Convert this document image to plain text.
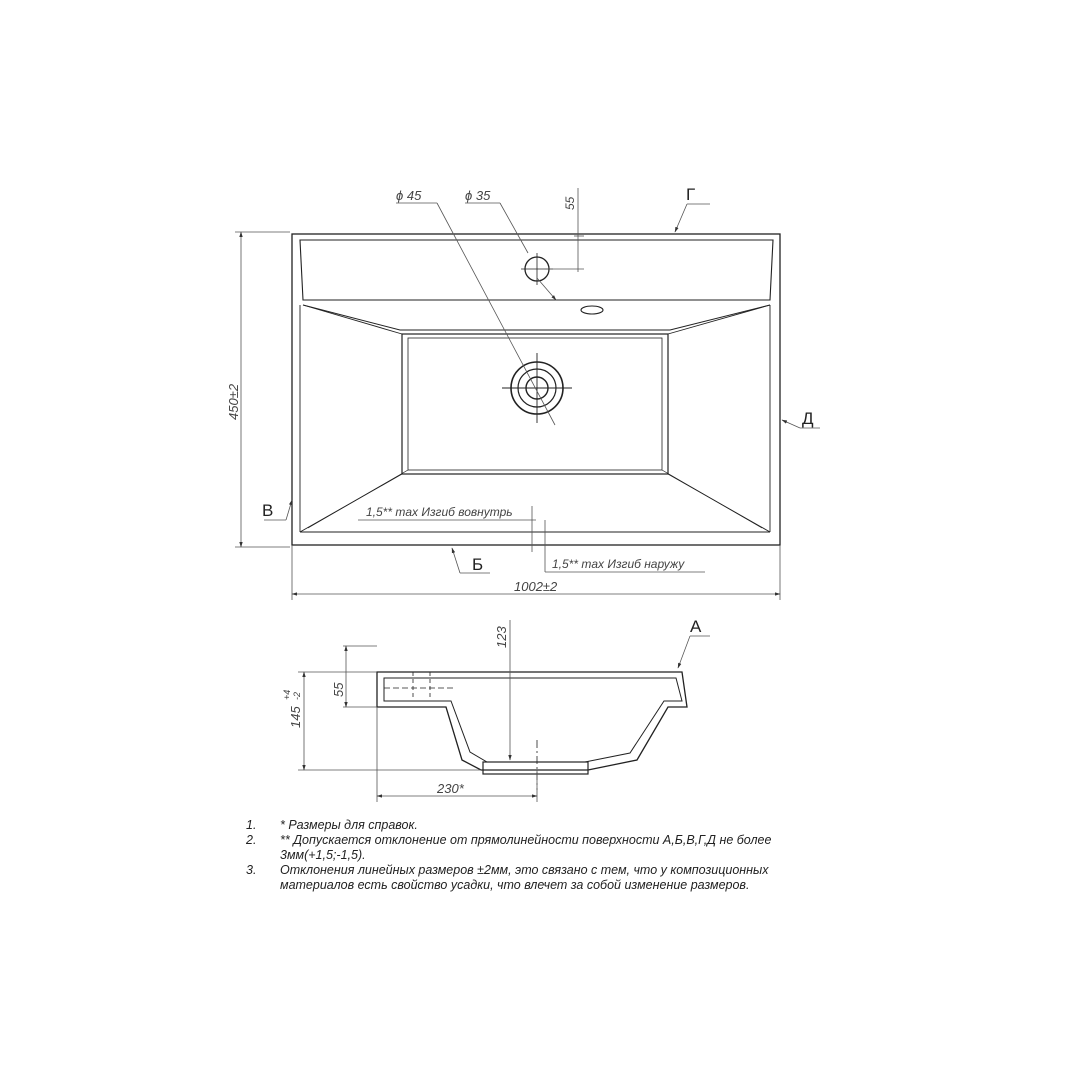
ϕ 45	ϕ 35
55
450±2
1002±2
Г
Д
В
Б
1,5** max Изгиб вовнутрь
1,5** max Изгиб наружу
123
55
145
+4 -2
230*
А
1.	* Размеры для справок.
2.	** Допускается отклонение от прямолинейности поверхности А,Б,В,Г,Д не более 3мм(+1,5;-1,5).
3.	Отклонения линейных размеров ±2мм, это связано с тем, что у композиционных материалов есть свойство усадки, что влечет за собой изменение размеров.
